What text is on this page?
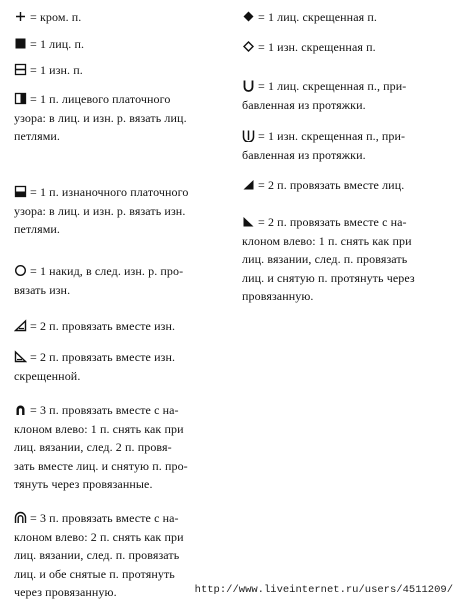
= кром. п.
= 1 лиц. п.
= 1 изн. п.
= 1 п. лицевого платочного
узора: в лиц. и изн. р. вязать лиц.
петлями.
= 1 п. изнаночного платочного
узора: в лиц. и изн. р. вязать изн.
петлями.
= 1 накид, в след. изн. р. про-
вязать изн.
= 2 п. провязать вместе изн.
= 2 п. провязать вместе изн.
скрещенной.
= 3 п. провязать вместе с на-
клоном влево: 1 п. снять как при
лиц. вязании, след. 2 п. провя-
зать вместе лиц. и снятую п. про-
тянуть через провязанные.
= 3 п. провязать вместе с на-
клоном влево: 2 п. снять как при
лиц. вязании, след. п. провязать
лиц. и обе снятые п. протянуть
через провязанную.
= 1 лиц. скрещенная п.
= 1 изн. скрещенная п.
= 1 лиц. скрещенная п., при-
бавленная из протяжки.
= 1 изн. скрещенная п., при-
бавленная из протяжки.
= 2 п. провязать вместе лиц.
= 2 п. провязать вместе с на-
клоном влево: 1 п. снять как при
лиц. вязании, след. п. провязать
лиц. и снятую п. протянуть через
провязанную.
http://www.liveinternet.ru/users/4511209/
